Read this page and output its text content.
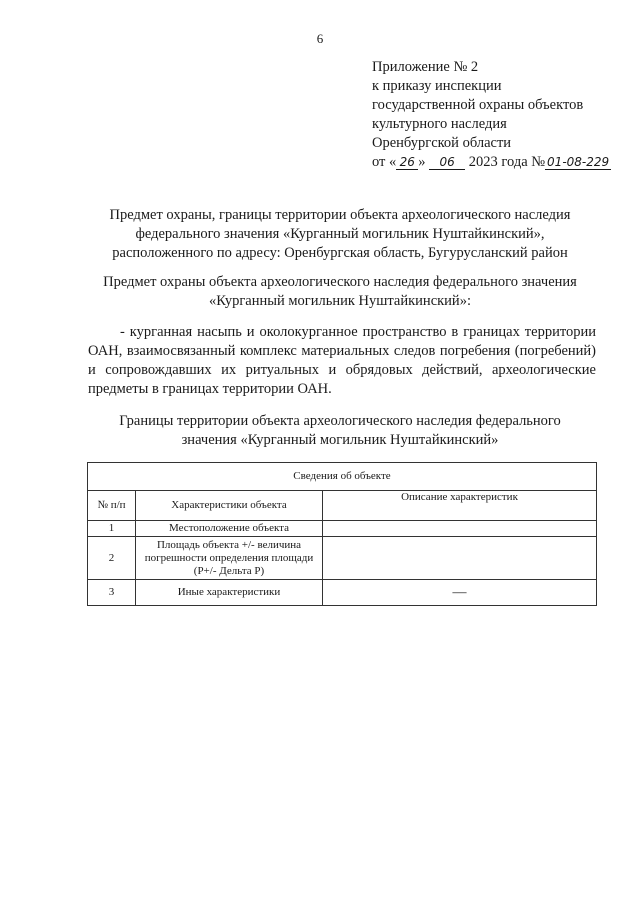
6
Приложение № 2
к приказу инспекции
государственной охраны объектов
культурного наследия
Оренбургской области
от « 26 » 06 2023 года № 01-08-229
Предмет охраны, границы территории объекта археологического наследия
федерального значения «Курганный могильник Нуштайкинский»,
расположенного по адресу: Оренбургская область, Бугурусланский район
Предмет охраны объекта археологического наследия федерального значения
«Курганный могильник Нуштайкинский»:
- курганная насыпь и околокурганное пространство в границах территории ОАН, взаимосвязанный комплекс материальных следов погребения (погребений) и сопровождавших их ритуальных и обрядовых действий, археологические предметы в границах территории ОАН.
Границы территории объекта археологического наследия федерального
значения «Курганный могильник Нуштайкинский»
Сведения об объекте		
№ п/п	Характеристики объекта	Описание характеристик
1	Местоположение объекта	
2	Площадь объекта +/- величина погрешности определения площади (Р+/- Дельта Р)	
3	Иные характеристики	—
